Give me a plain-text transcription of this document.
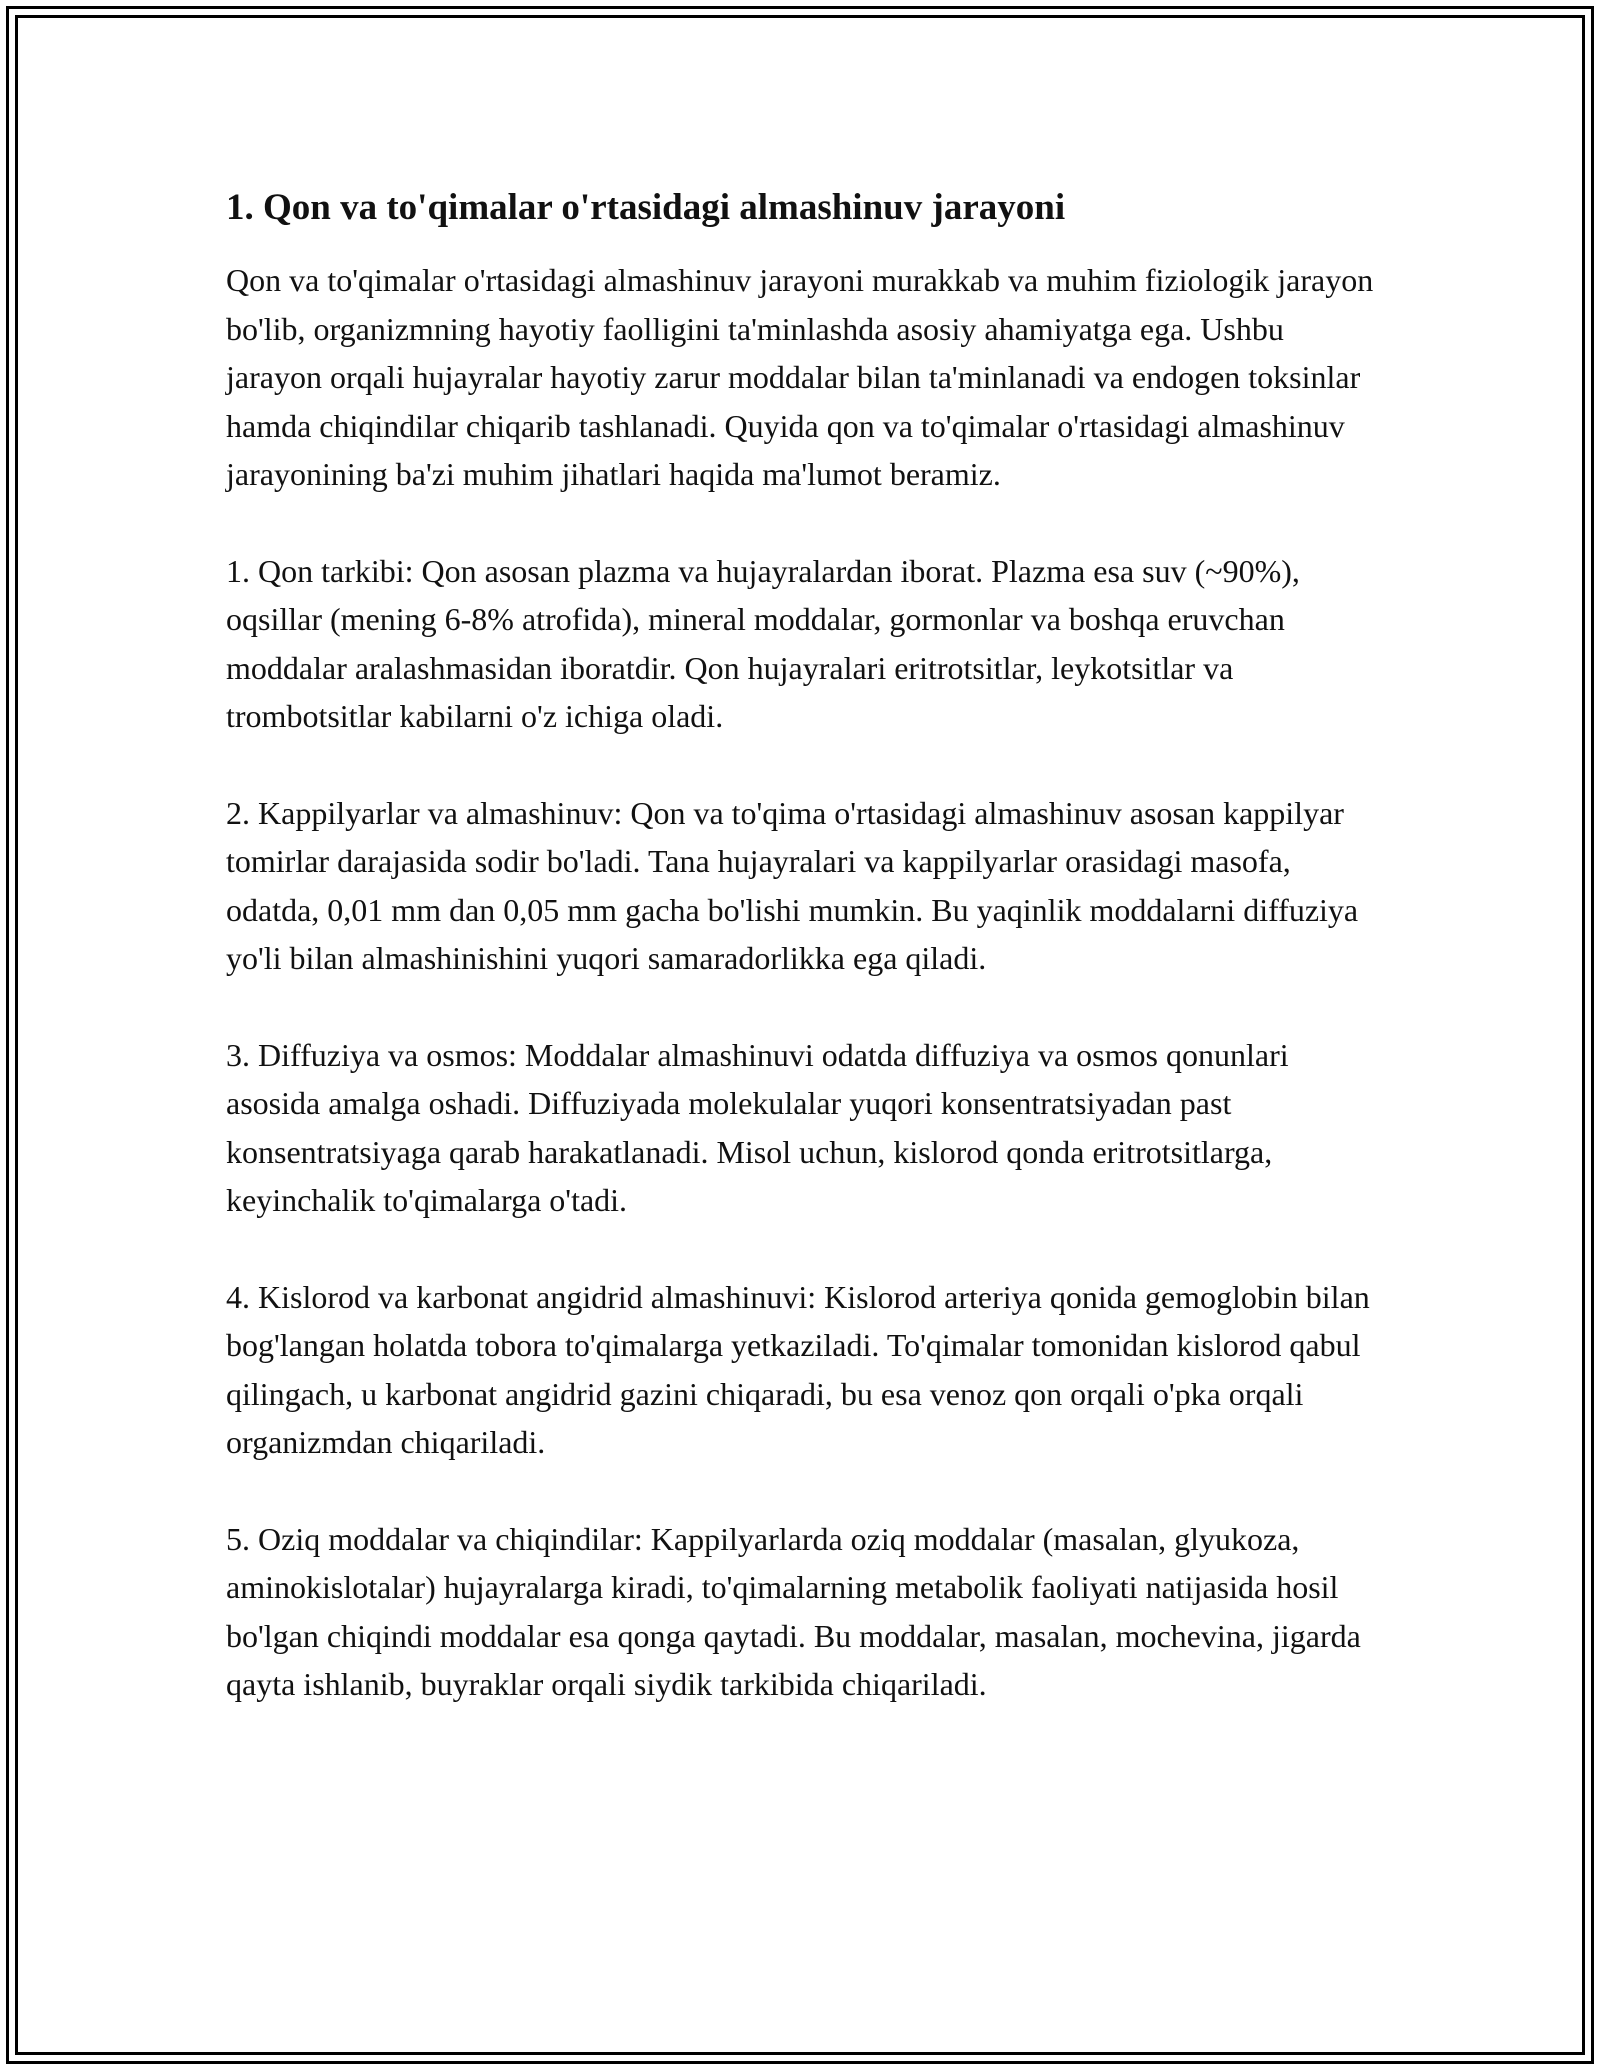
1. Qon va to'qimalar o'rtasidagi almashinuv jarayoni

Qon va to'qimalar o'rtasidagi almashinuv jarayoni murakkab va muhim fiziologik jarayon bo'lib, organizmning hayotiy faolligini ta'minlashda asosiy ahamiyatga ega. Ushbu jarayon orqali hujayralar hayotiy zarur moddalar bilan ta'minlanadi va endogen toksinlar hamda chiqindilar chiqarib tashlanadi. Quyida qon va to'qimalar o'rtasidagi almashinuv jarayonining ba'zi muhim jihatlari haqida ma'lumot beramiz.

1. Qon tarkibi: Qon asosan plazma va hujayralardan iborat. Plazma esa suv (~90%), oqsillar (mening 6-8% atrofida), mineral moddalar, gormonlar va boshqa eruvchan moddalar aralashmasidan iboratdir. Qon hujayralari eritrotsitlar, leykotsitlar va trombotsitlar kabilarni o'z ichiga oladi.

2. Kappilyarlar va almashinuv: Qon va to'qima o'rtasidagi almashinuv asosan kappilyar tomirlar darajasida sodir bo'ladi. Tana hujayralari va kappilyarlar orasidagi masofa, odatda, 0,01 mm dan 0,05 mm gacha bo'lishi mumkin. Bu yaqinlik moddalarni diffuziya yo'li bilan almashinishini yuqori samaradorlikka ega qiladi.

3. Diffuziya va osmos: Moddalar almashinuvi odatda diffuziya va osmos qonunlari asosida amalga oshadi. Diffuziyada molekulalar yuqori konsentratsiyadan past konsentratsiyaga qarab harakatlanadi. Misol uchun, kislorod qonda eritrotsitlarga, keyinchalik to'qimalarga o'tadi.

4. Kislorod va karbonat angidrid almashinuvi: Kislorod arteriya qonida gemoglobin bilan bog'langan holatda tobora to'qimalarga yetkaziladi. To'qimalar tomonidan kislorod qabul qilingach, u karbonat angidrid gazini chiqaradi, bu esa venoz qon orqali o'pka orqali organizmdan chiqariladi.

5. Oziq moddalar va chiqindilar: Kappilyarlarda oziq moddalar (masalan, glyukoza, aminokislotalar) hujayralarga kiradi, to'qimalarning metabolik faoliyati natijasida hosil bo'lgan chiqindi moddalar esa qonga qaytadi. Bu moddalar, masalan, mochevina, jigarda qayta ishlanib, buyraklar orqali siydik tarkibida chiqariladi.
